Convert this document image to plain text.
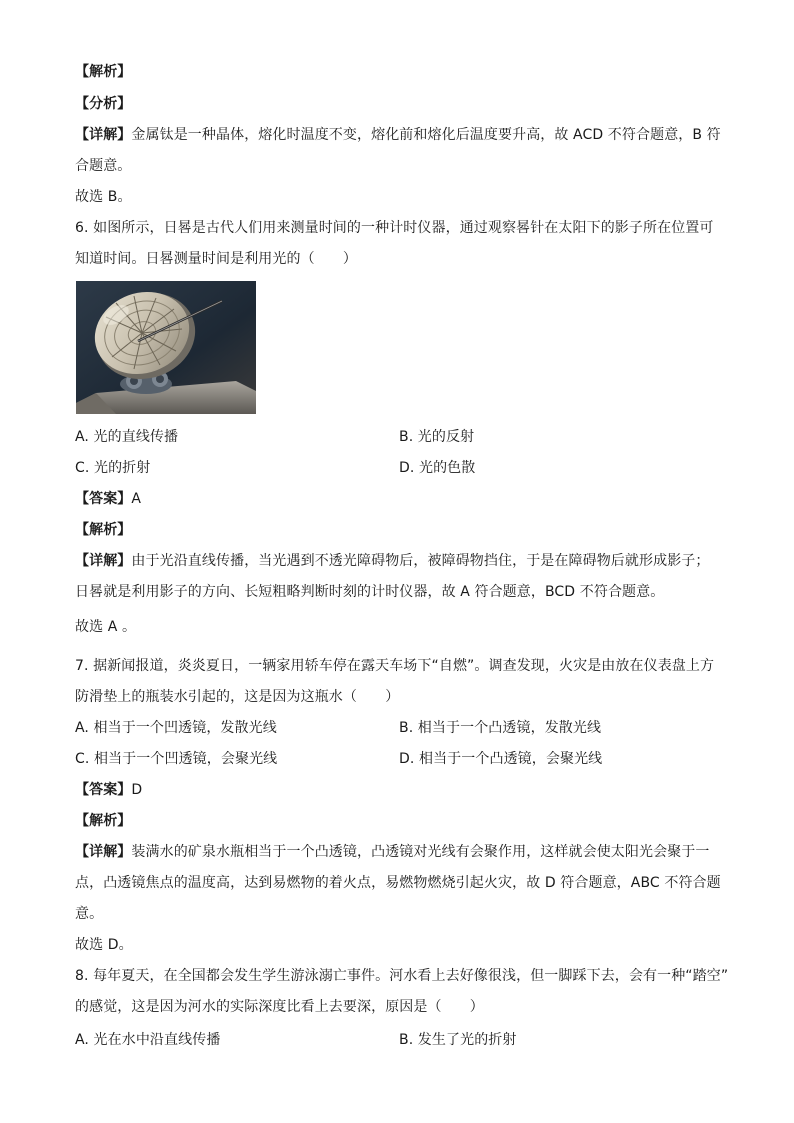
【解析】
【分析】
【详解】金属钛是一种晶体，熔化时温度不变，熔化前和熔化后温度要升高，故 ACD 不符合题意，B 符
合题意。
故选 B。
6. 如图所示，日晷是古代人们用来测量时间的一种计时仪器，通过观察晷针在太阳下的影子所在位置可
知道时间。日晷测量时间是利用光的（　　）
A. 光的直线传播	B. 光的反射
C. 光的折射	D. 光的色散
【答案】A
【解析】
【详解】由于光沿直线传播，当光遇到不透光障碍物后，被障碍物挡住，于是在障碍物后就形成影子；
日晷就是利用影子的方向、长短粗略判断时刻的计时仪器，故 A 符合题意，BCD 不符合题意。
故选 A 。
7. 据新闻报道，炎炎夏日，一辆家用轿车停在露天车场下“自燃”。调查发现，火灾是由放在仪表盘上方
防滑垫上的瓶装水引起的，这是因为这瓶水（　　）
A. 相当于一个凹透镜，发散光线	B. 相当于一个凸透镜，发散光线
C. 相当于一个凹透镜，会聚光线	D. 相当于一个凸透镜，会聚光线
【答案】D
【解析】
【详解】装满水的矿泉水瓶相当于一个凸透镜，凸透镜对光线有会聚作用，这样就会使太阳光会聚于一
点，凸透镜焦点的温度高，达到易燃物的着火点，易燃物燃烧引起火灾，故 D 符合题意，ABC 不符合题
意。
故选 D。
8. 每年夏天，在全国都会发生学生游泳溺亡事件。河水看上去好像很浅，但一脚踩下去，会有一种“踏空”
的感觉，这是因为河水的实际深度比看上去要深，原因是（　　）
A. 光在水中沿直线传播	B. 发生了光的折射
